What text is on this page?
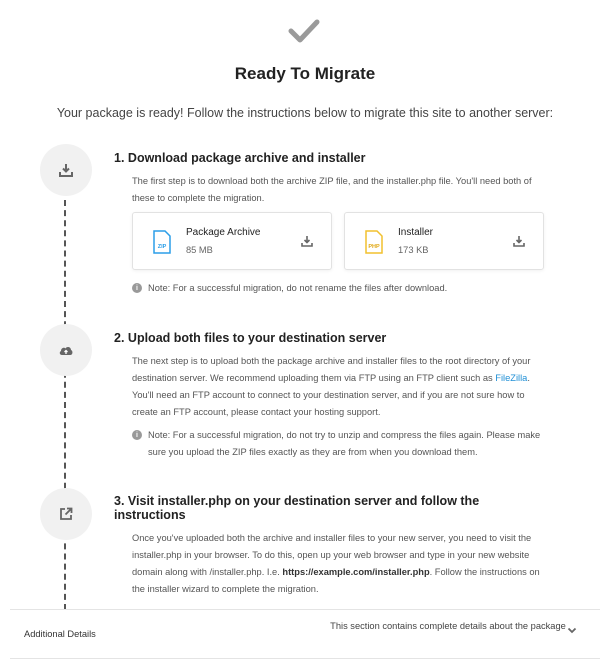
Ready To Migrate
Your package is ready! Follow the instructions below to migrate this site to another server:
1. Download package archive and installer

The first step is to download both the archive ZIP file, and the installer.php file. You'll need both of these to complete the migration.

ZIP
Package Archive
85 MB	PHP
Installer
173 KB
i	Note: For a successful migration, do not rename the files after download.
2. Upload both files to your destination server

The next step is to upload both the package archive and installer files to the root directory of your destination server. We recommend uploading them via FTP using an FTP client such as FileZilla. You'll need an FTP account to connect to your destination server, and if you are not sure how to create an FTP account, please contact your hosting support.

i	Note: For a successful migration, do not try to unzip and compress the files again. Please make sure you upload the ZIP files exactly as they are from when you download them.
3. Visit installer.php on your destination server and follow the instructions

Once you've uploaded both the archive and installer files to your new server, you need to visit the installer.php in your browser. To do this, open up your web browser and type in your new website domain along with /installer.php. I.e. https://example.com/installer.php. Follow the instructions on the installer wizard to complete the migration.

Additional Details
This section contains complete details about the package
